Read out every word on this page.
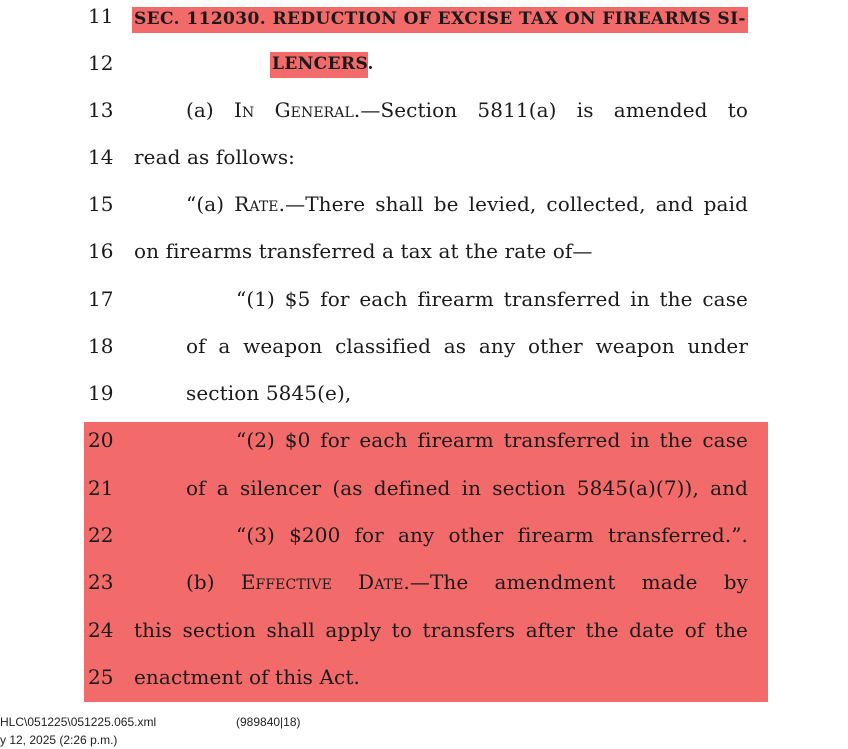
11 SEC. 112030. REDUCTION OF EXCISE TAX ON FIREARMS SI-
12	LENCERS.
13	(a) In General.—Section 5811(a) is amended to
14 read as follows:
15	“(a) Rate.—There shall be levied, collected, and paid
16 on firearms transferred a tax at the rate of—
17	“(1) $5 for each firearm transferred in the case
18	of a weapon classified as any other weapon under
19	section 5845(e),
20	“(2) $0 for each firearm transferred in the case
21	of a silencer (as defined in section 5845(a)(7)), and
22	“(3) $200 for any other firearm transferred.”.
23	(b) Effective Date.—The amendment made by
24 this section shall apply to transfers after the date of the
25 enactment of this Act.
HLC\051225\051225.065.xml	(989840|18)
y 12, 2025 (2:26 p.m.)
